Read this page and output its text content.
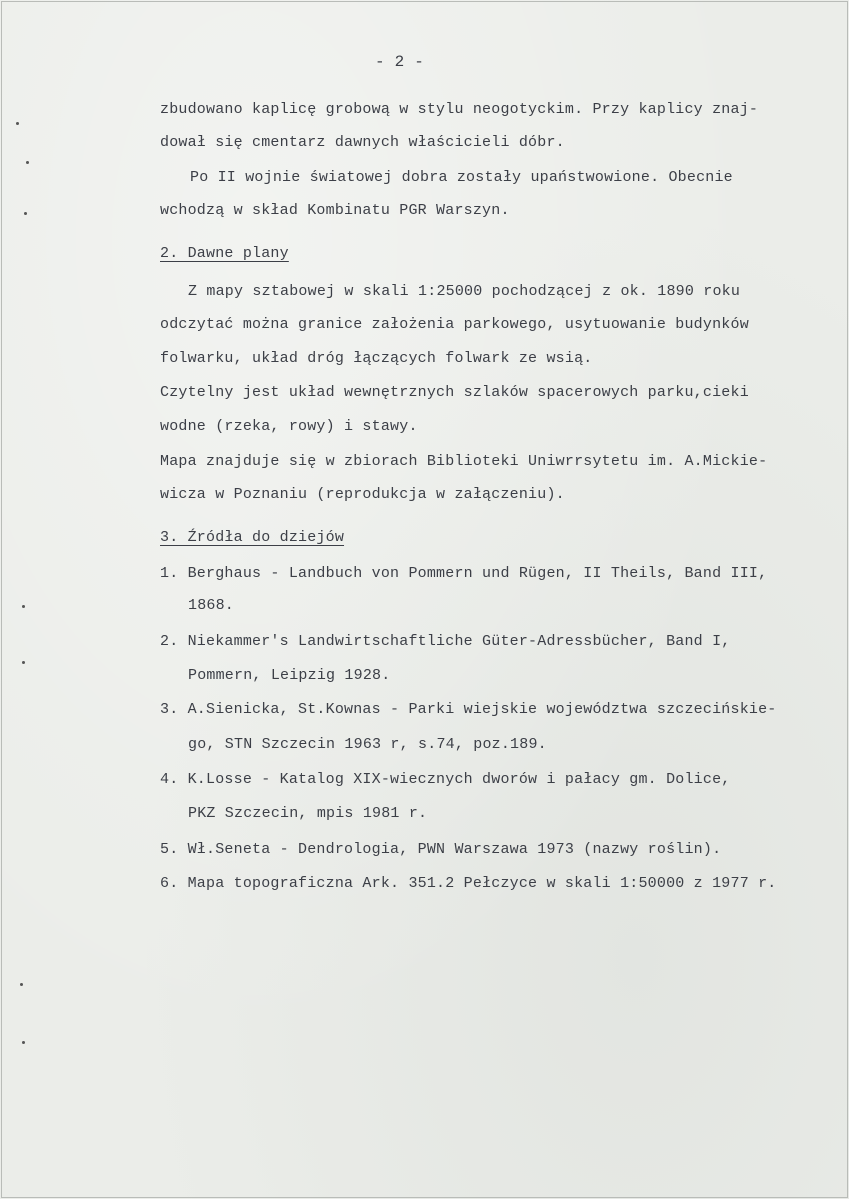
- 2 -
zbudowano kaplicę grobową w stylu neogotyckim. Przy kaplicy znaj-
dował się cmentarz dawnych właścicieli dóbr.
Po II wojnie światowej dobra zostały upaństwowione. Obecnie
wchodzą w skład Kombinatu PGR Warszyn.
2. Dawne plany
Z mapy sztabowej w skali 1:25000 pochodzącej z ok. 1890 roku
odczytać można granice założenia parkowego, usytuowanie budynków
folwarku, układ dróg łączących folwark ze wsią.
Czytelny jest układ wewnętrznych szlaków spacerowych parku,cieki
wodne (rzeka, rowy) i stawy.
Mapa znajduje się w zbiorach Biblioteki Uniwrrsytetu im. A.Mickie-
wicza w Poznaniu (reprodukcja w załączeniu).
3. Źródła do dziejów
1. Berghaus - Landbuch von Pommern und Rügen, II Theils, Band III,
1868.
2. Niekammer's Landwirtschaftliche Güter-Adressbücher, Band I,
Pommern, Leipzig 1928.
3. A.Sienicka, St.Kownas - Parki wiejskie województwa szczecińskie-
go, STN Szczecin 1963 r, s.74, poz.189.
4. K.Losse - Katalog XIX-wiecznych dworów i pałacy gm. Dolice,
PKZ Szczecin, mpis 1981 r.
5. Wł.Seneta - Dendrologia, PWN Warszawa 1973 (nazwy roślin).
6. Mapa topograficzna Ark. 351.2 Pełczyce w skali 1:50000 z 1977 r.
